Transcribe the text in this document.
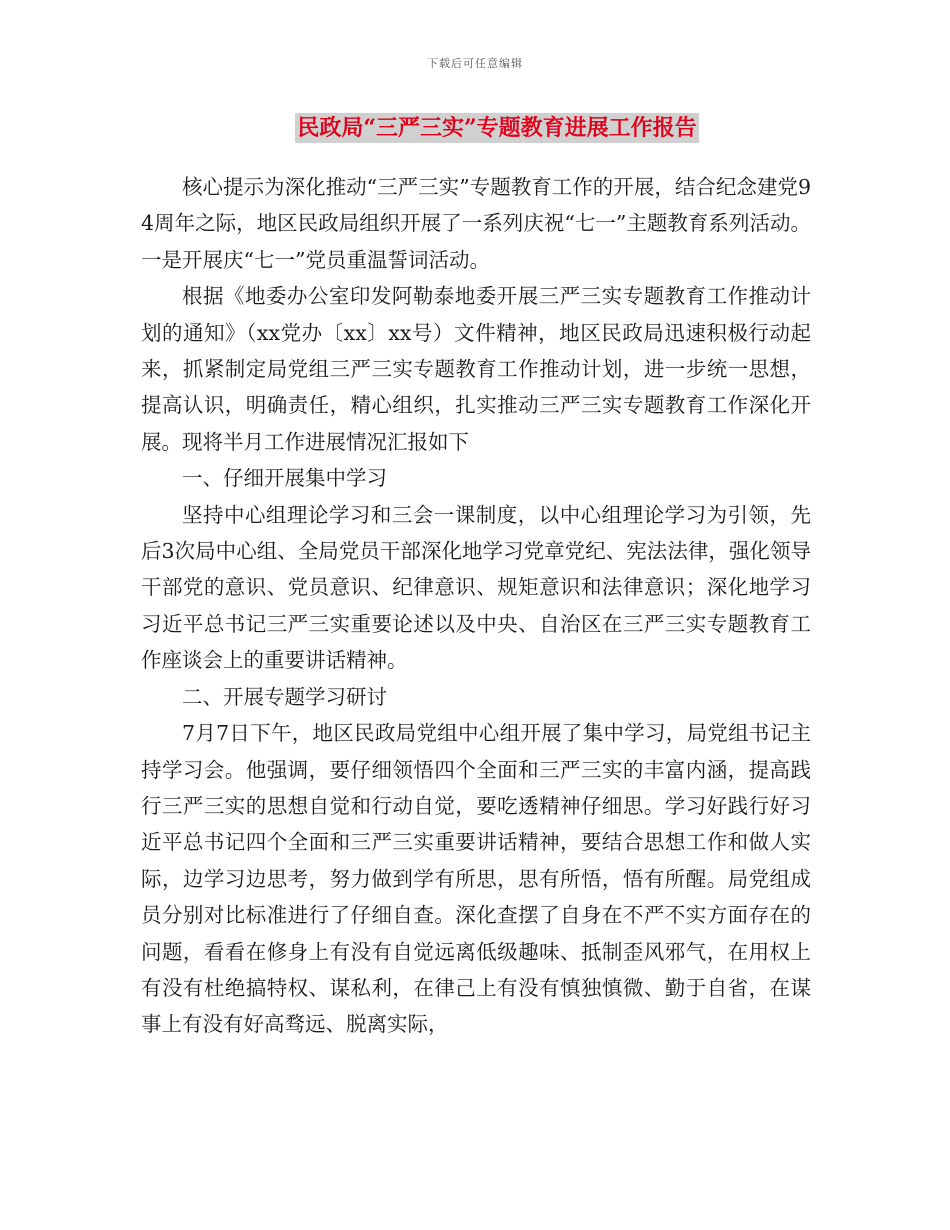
下载后可任意编辑
民政局“三严三实”专题教育进展工作报告

核心提示为深化推动“三严三实”专题教育工作的开展，结合纪念建党94周年之际，地区民政局组织开展了一系列庆祝“七一”主题教育系列活动。一是开展庆“七一”党员重温誓词活动。

根据《地委办公室印发阿勒泰地委开展三严三实专题教育工作推动计划的通知》（xx党办〔xx〕xx号）文件精神，地区民政局迅速积极行动起来，抓紧制定局党组三严三实专题教育工作推动计划，进一步统一思想，提高认识，明确责任，精心组织，扎实推动三严三实专题教育工作深化开展。现将半月工作进展情况汇报如下

一、仔细开展集中学习

坚持中心组理论学习和三会一课制度，以中心组理论学习为引领，先后3次局中心组、全局党员干部深化地学习党章党纪、宪法法律，强化领导干部党的意识、党员意识、纪律意识、规矩意识和法律意识；深化地学习习近平总书记三严三实重要论述以及中央、自治区在三严三实专题教育工作座谈会上的重要讲话精神。

二、开展专题学习研讨

7月7日下午，地区民政局党组中心组开展了集中学习，局党组书记主持学习会。他强调，要仔细领悟四个全面和三严三实的丰富内涵，提高践行三严三实的思想自觉和行动自觉，要吃透精神仔细思。学习好践行好习近平总书记四个全面和三严三实重要讲话精神，要结合思想工作和做人实际，边学习边思考，努力做到学有所思，思有所悟，悟有所醒。局党组成员分别对比标准进行了仔细自查。深化查摆了自身在不严不实方面存在的问题，看看在修身上有没有自觉远离低级趣味、抵制歪风邪气，在用权上有没有杜绝搞特权、谋私利，在律己上有没有慎独慎微、勤于自省，在谋事上有没有好高骛远、脱离实际，
